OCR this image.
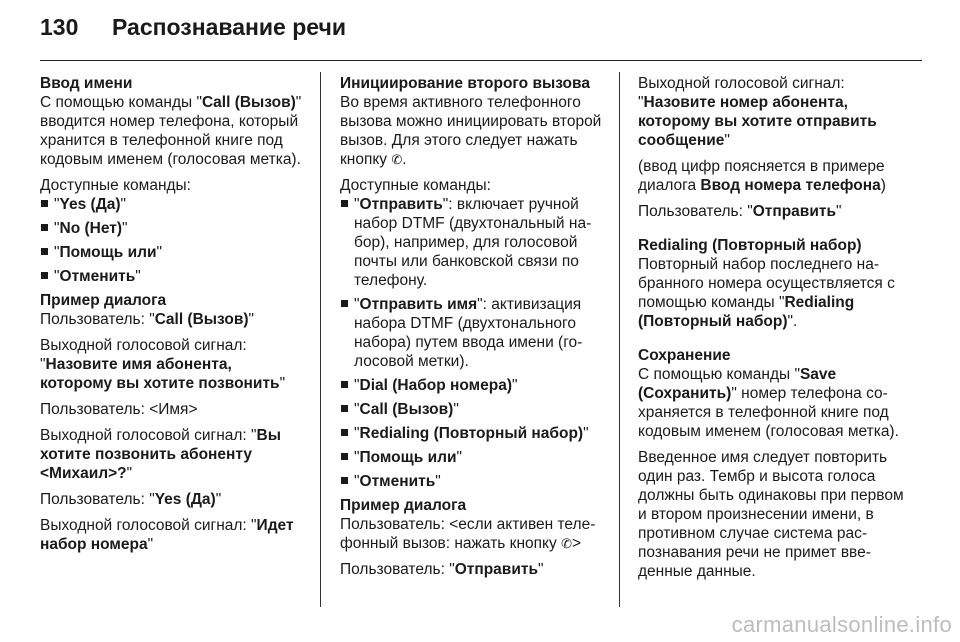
130	Распознавание речи
Ввод имени

С помощью команды "Call (Вызов)" вводится номер телефона, который хранится в телефонной книге под кодовым именем (голосовая метка).

Доступные команды:

"Yes (Да)"
"No (Нет)"
"Помощь или"
"Отменить"
Пример диалога

Пользователь: "Call (Вызов)"

Выходной голосовой сигнал: "Назовите имя абонента, которому вы хотите позвонить"

Пользователь: <Имя>

Выходной голосовой сигнал: "Вы хотите позвонить абоненту <Михаил>?"

Пользователь: "Yes (Да)"

Выходной голосовой сигнал: "Идет набор номера"

Инициирование второго вызова

Во время активного телефонного вызова можно инициировать второй вызов. Для этого следует нажать кнопку ✆.

Доступные команды:

"Отправить": включает ручной набор DTMF (двухтональный набор), например, для голосовой почты или банковской связи по телефону.
"Отправить имя": активизация набора DTMF (двухтонального набора) путем ввода имени (голосовой метки).
"Dial (Набор номера)"
"Call (Вызов)"
"Redialing (Повторный набор)"
"Помощь или"
"Отменить"
Пример диалога

Пользователь: <если активен телефонный вызов: нажать кнопку ✆>

Пользователь: "Отправить"

Выходной голосовой сигнал: "Назовите номер абонента, которому вы хотите отправить сообщение"

(ввод цифр поясняется в примере диалога Ввод номера телефона)

Пользователь: "Отправить"

Redialing (Повторный набор)

Повторный набор последнего набранного номера осуществляется с помощью команды "Redialing (Повторный набор)".

Сохранение

С помощью команды "Save (Сохранить)" номер телефона сохраняется в телефонной книге под кодовым именем (голосовая метка).

Введенное имя следует повторить один раз. Тембр и высота голоса должны быть одинаковы при первом и втором произнесении имени, в противном случае система распознавания речи не примет введенные данные.

carmanualsonline.info
